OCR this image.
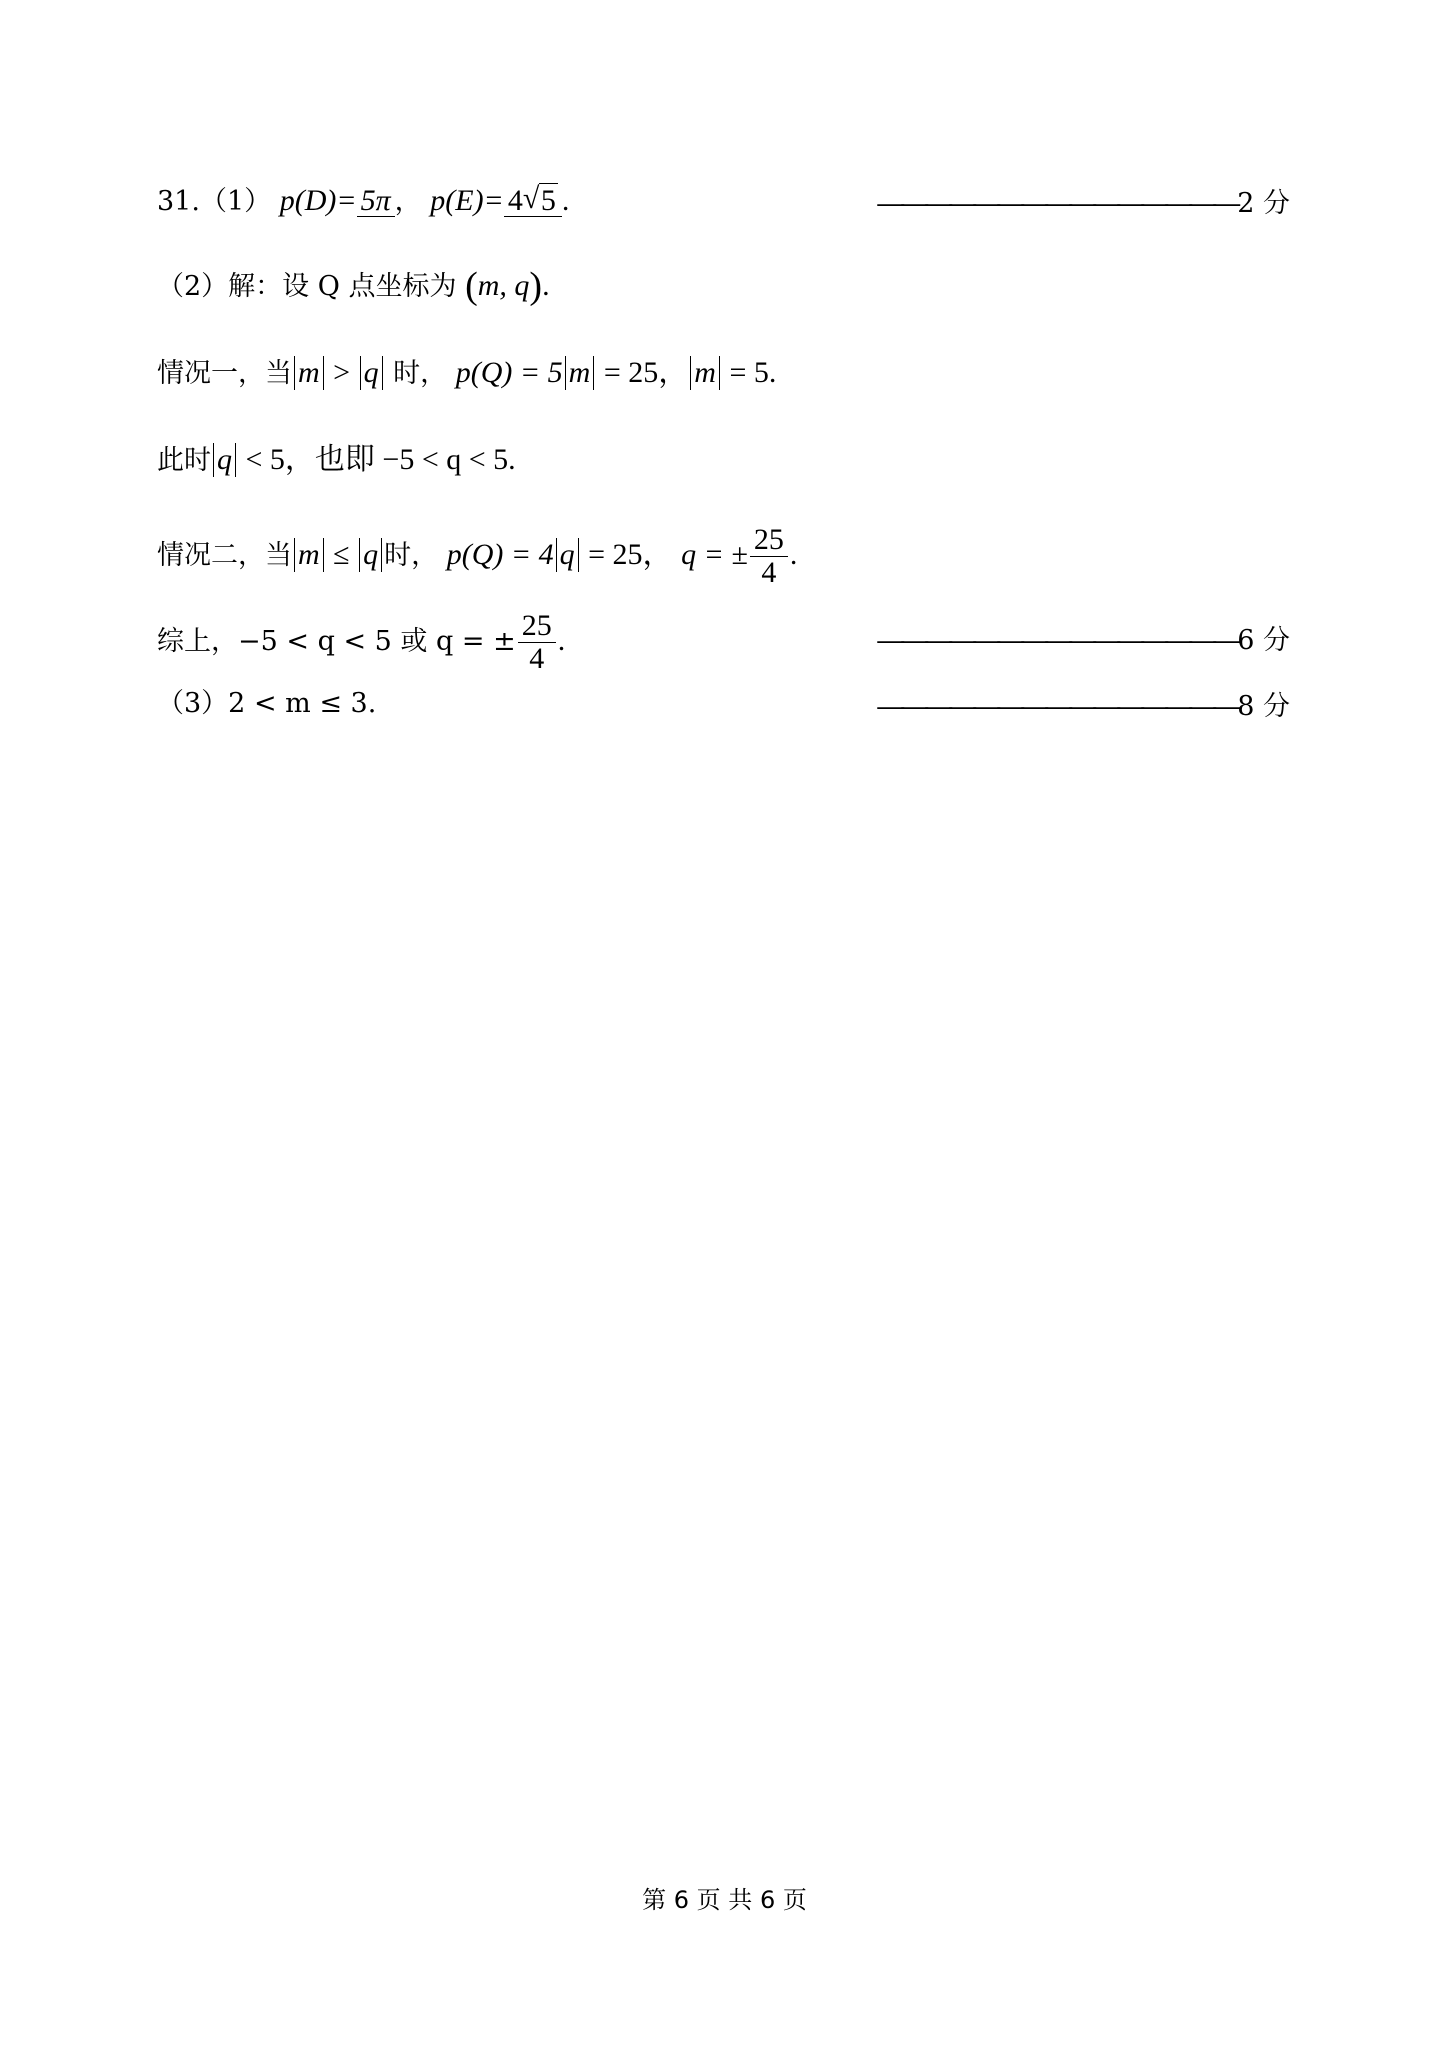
31.（1） p(D)= 5π ， p(E)= 4 √ 5 .	———————————————2 分
（2）解：设 Q 点坐标为 (m, q).
情况一，当 m > q 时， p(Q) = 5 m = 25， m = 5.
此时 q < 5，也即 −5 < q < 5.
情况二，当 m ≤ q 时， p(Q) = 4 q = 25， q = ± $\frac{25}{4}$ .
综上，−5 < q < 5 或 q = ± $\frac{25}{4}$ .	———————————————6 分
（3）2 < m ≤ 3.	———————————————8 分
第 6 页 共 6 页
